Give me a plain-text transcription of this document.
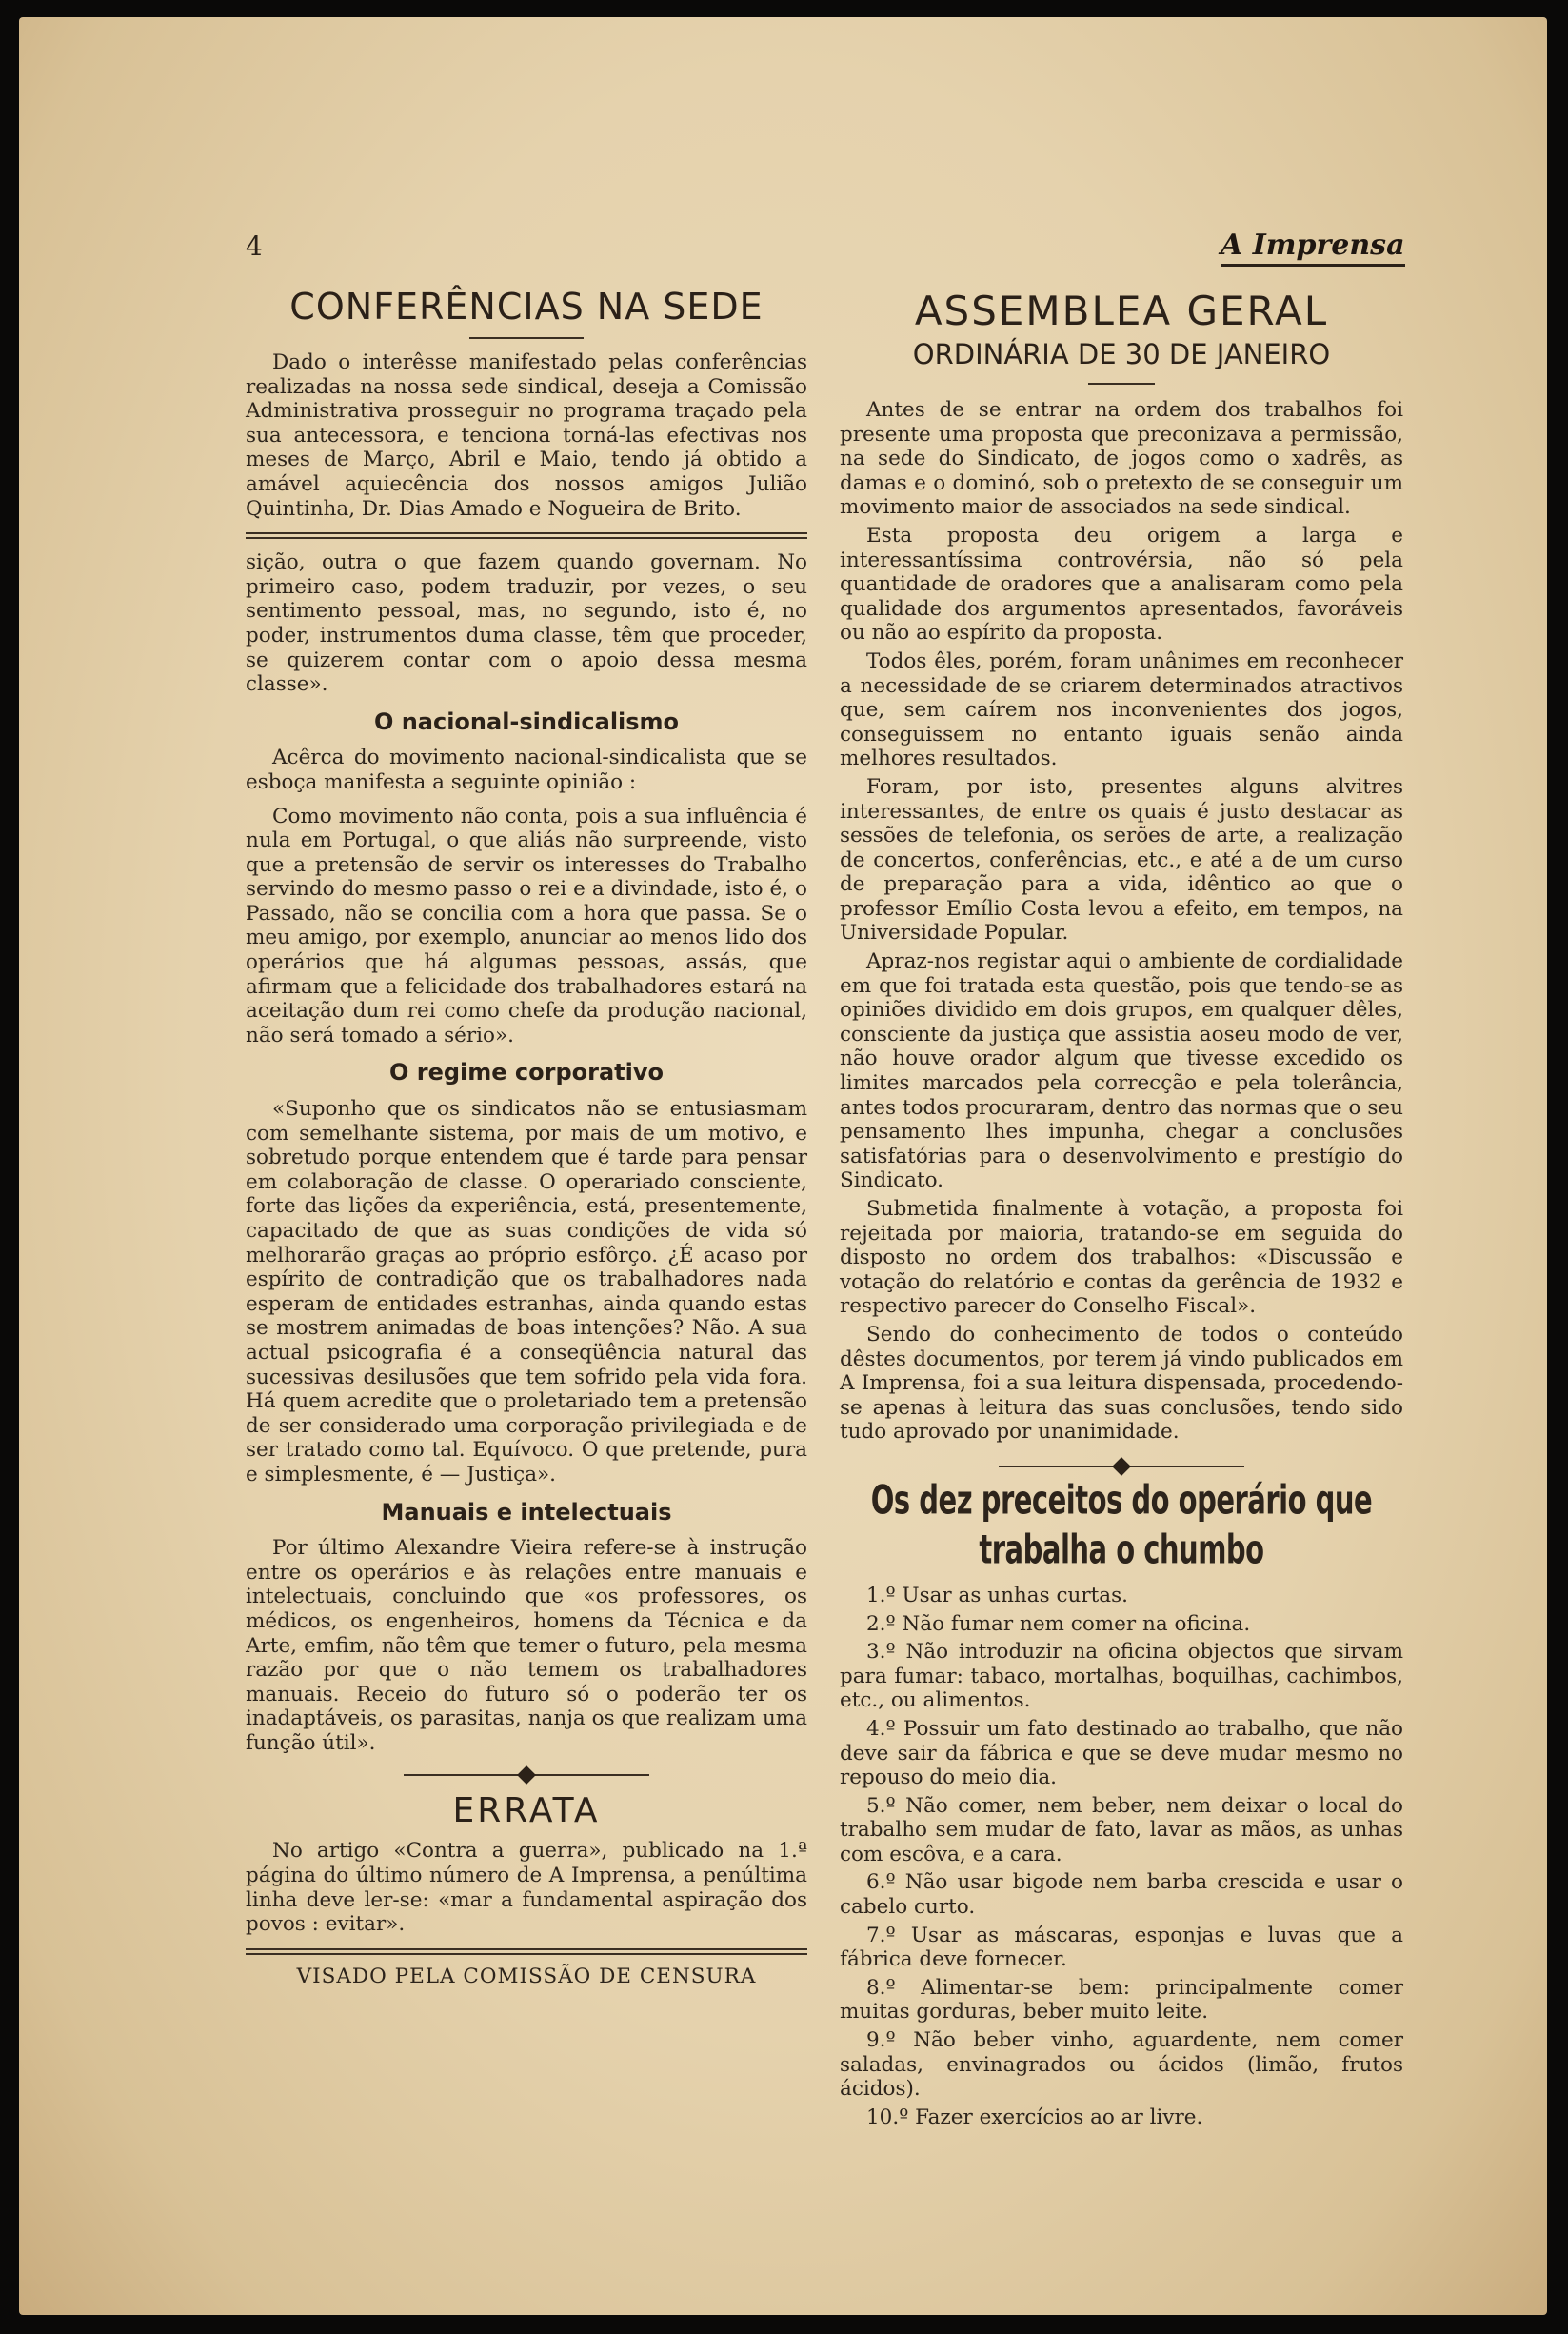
4	A Imprensa
CONFERÊNCIAS NA SEDE

Dado o interêsse manifestado pelas conferências realizadas na nossa sede sindical, deseja a Comissão Administrativa prosseguir no programa traçado pela sua antecessora, e tenciona torná-las efectivas nos meses de Março, Abril e Maio, tendo já obtido a amável aquiecência dos nossos amigos Julião Quintinha, Dr. Dias Amado e Nogueira de Brito.

sição, outra o que fazem quando governam. No primeiro caso, podem traduzir, por vezes, o seu sentimento pessoal, mas, no segundo, isto é, no poder, instrumentos duma classe, têm que proceder, se quizerem contar com o apoio dessa mesma classe».

O nacional-sindicalismo

Acêrca do movimento nacional-sindicalista que se esboça manifesta a seguinte opinião :

Como movimento não conta, pois a sua influência é nula em Portugal, o que aliás não surpreende, visto que a pretensão de servir os interesses do Trabalho servindo do mesmo passo o rei e a divindade, isto é, o Passado, não se concilia com a hora que passa. Se o meu amigo, por exemplo, anunciar ao menos lido dos operários que há algumas pessoas, assás, que afirmam que a felicidade dos trabalhadores estará na aceitação dum rei como chefe da produção nacional, não será tomado a sério».

O regime corporativo

«Suponho que os sindicatos não se entusiasmam com semelhante sistema, por mais de um motivo, e sobretudo porque entendem que é tarde para pensar em colaboração de classe. O operariado consciente, forte das lições da experiência, está, presentemente, capacitado de que as suas condições de vida só melhorarão graças ao próprio esfôrço. ¿É acaso por espírito de contradição que os trabalhadores nada esperam de entidades estranhas, ainda quando estas se mostrem animadas de boas intenções? Não. A sua actual psicografia é a conseqüência natural das sucessivas desilusões que tem sofrido pela vida fora. Há quem acredite que o proletariado tem a pretensão de ser considerado uma corporação privilegiada e de ser tratado como tal. Equívoco. O que pretende, pura e simplesmente, é — Justiça».

Manuais e intelectuais

Por último Alexandre Vieira refere-se à instrução entre os operários e às relações entre manuais e intelectuais, concluindo que «os professores, os médicos, os engenheiros, homens da Técnica e da Arte, emfim, não têm que temer o futuro, pela mesma razão por que o não temem os trabalhadores manuais. Receio do futuro só o poderão ter os inadaptáveis, os parasitas, nanja os que realizam uma função útil».

ERRATA

No artigo «Contra a guerra», publicado na 1.ª página do último número de A Imprensa, a penúltima linha deve ler-se: «mar a fundamental aspiração dos povos : evitar».

VISADO PELA COMISSÃO DE CENSURA
ASSEMBLEA GERAL
ORDINÁRIA DE 30 DE JANEIRO

Antes de se entrar na ordem dos trabalhos foi presente uma proposta que preconizava a permissão, na sede do Sindicato, de jogos como o xadrês, as damas e o dominó, sob o pretexto de se conseguir um movimento maior de associados na sede sindical.

Esta proposta deu origem a larga e interessantíssima controvérsia, não só pela quantidade de oradores que a analisaram como pela qualidade dos argumentos apresentados, favoráveis ou não ao espírito da proposta.

Todos êles, porém, foram unânimes em reconhecer a necessidade de se criarem determinados atractivos que, sem caírem nos inconvenientes dos jogos, conseguissem no entanto iguais senão ainda melhores resultados.

Foram, por isto, presentes alguns alvitres interessantes, de entre os quais é justo destacar as sessões de telefonia, os serões de arte, a realização de concertos, conferências, etc., e até a de um curso de preparação para a vida, idêntico ao que o professor Emílio Costa levou a efeito, em tempos, na Universidade Popular.

Apraz-nos registar aqui o ambiente de cordialidade em que foi tratada esta questão, pois que tendo-se as opiniões dividido em dois grupos, em qualquer dêles, consciente da justiça que assistia aoseu modo de ver, não houve orador algum que tivesse excedido os limites marcados pela correcção e pela tolerância, antes todos procuraram, dentro das normas que o seu pensamento lhes impunha, chegar a conclusões satisfatórias para o desenvolvimento e prestígio do Sindicato.

Submetida finalmente à votação, a proposta foi rejeitada por maioria, tratando-se em seguida do disposto no ordem dos trabalhos: «Discussão e votação do relatório e contas da gerência de 1932 e respectivo parecer do Conselho Fiscal».

Sendo do conhecimento de todos o conteúdo dêstes documentos, por terem já vindo publicados em A Imprensa, foi a sua leitura dispensada, procedendo-se apenas à leitura das suas conclusões, tendo sido tudo aprovado por unanimidade.

Os dez preceitos do operário que trabalha o chumbo

1.º Usar as unhas curtas.

2.º Não fumar nem comer na oficina.

3.º Não introduzir na oficina objectos que sirvam para fumar: tabaco, mortalhas, boquilhas, cachimbos, etc., ou alimentos.

4.º Possuir um fato destinado ao trabalho, que não deve sair da fábrica e que se deve mudar mesmo no repouso do meio dia.

5.º Não comer, nem beber, nem deixar o local do trabalho sem mudar de fato, lavar as mãos, as unhas com escôva, e a cara.

6.º Não usar bigode nem barba crescida e usar o cabelo curto.

7.º Usar as máscaras, esponjas e luvas que a fábrica deve fornecer.

8.º Alimentar-se bem: principalmente comer muitas gorduras, beber muito leite.

9.º Não beber vinho, aguardente, nem comer saladas, envinagrados ou ácidos (limão, frutos ácidos).

10.º Fazer exercícios ao ar livre.
